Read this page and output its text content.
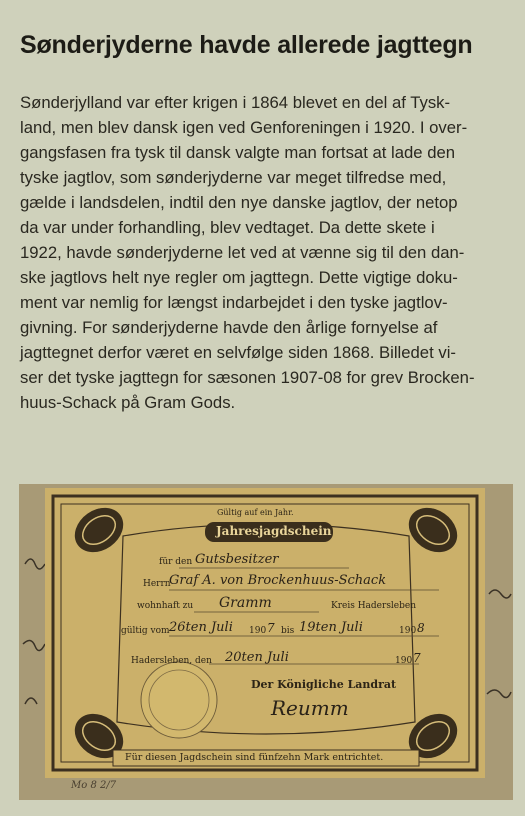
Sønderjyderne havde allerede jagttegn
Sønderjylland var efter krigen i 1864 blevet en del af Tysk-
land, men blev dansk igen ved Genforeningen i 1920. I over-
gangsfasen fra tysk til dansk valgte man fortsat at lade den
tyske jagtlov, som sønderjyderne var meget tilfredse med,
gælde i landsdelen, indtil den nye danske jagtlov, der netop
da var under forhandling, blev vedtaget. Da dette skete i
1922, havde sønderjyderne let ved at vænne sig til den dan-
ske jagtlovs helt nye regler om jagttegn. Dette vigtige doku-
ment var nemlig for længst indarbejdet i den tyske jagtlov-
givning. For sønderjyderne havde den årlige fornyelse af
jagttegnet derfor været en selvfølge siden 1868. Billedet vi-
ser det tyske jagttegn for sæsonen 1907-08 for grev Brocken-
huus-Schack på Gram Gods.
Gültig auf ein Jahr.
Jahresjagdschein
für den Gutsbesitzer
Herrn
Graf A. von Brockenhuus-Schack
wohnhaft zu Gramm	Kreis Hadersleben
gültig vom 26ten Juli 190 7 bis 19ten Juli	190 8
Hadersleben, den 20ten Juli	190 7
Der Königliche Landrat
Reumm
Für diesen Jagdschein sind fünfzehn Mark entrichtet.
Mo 8 2/7
